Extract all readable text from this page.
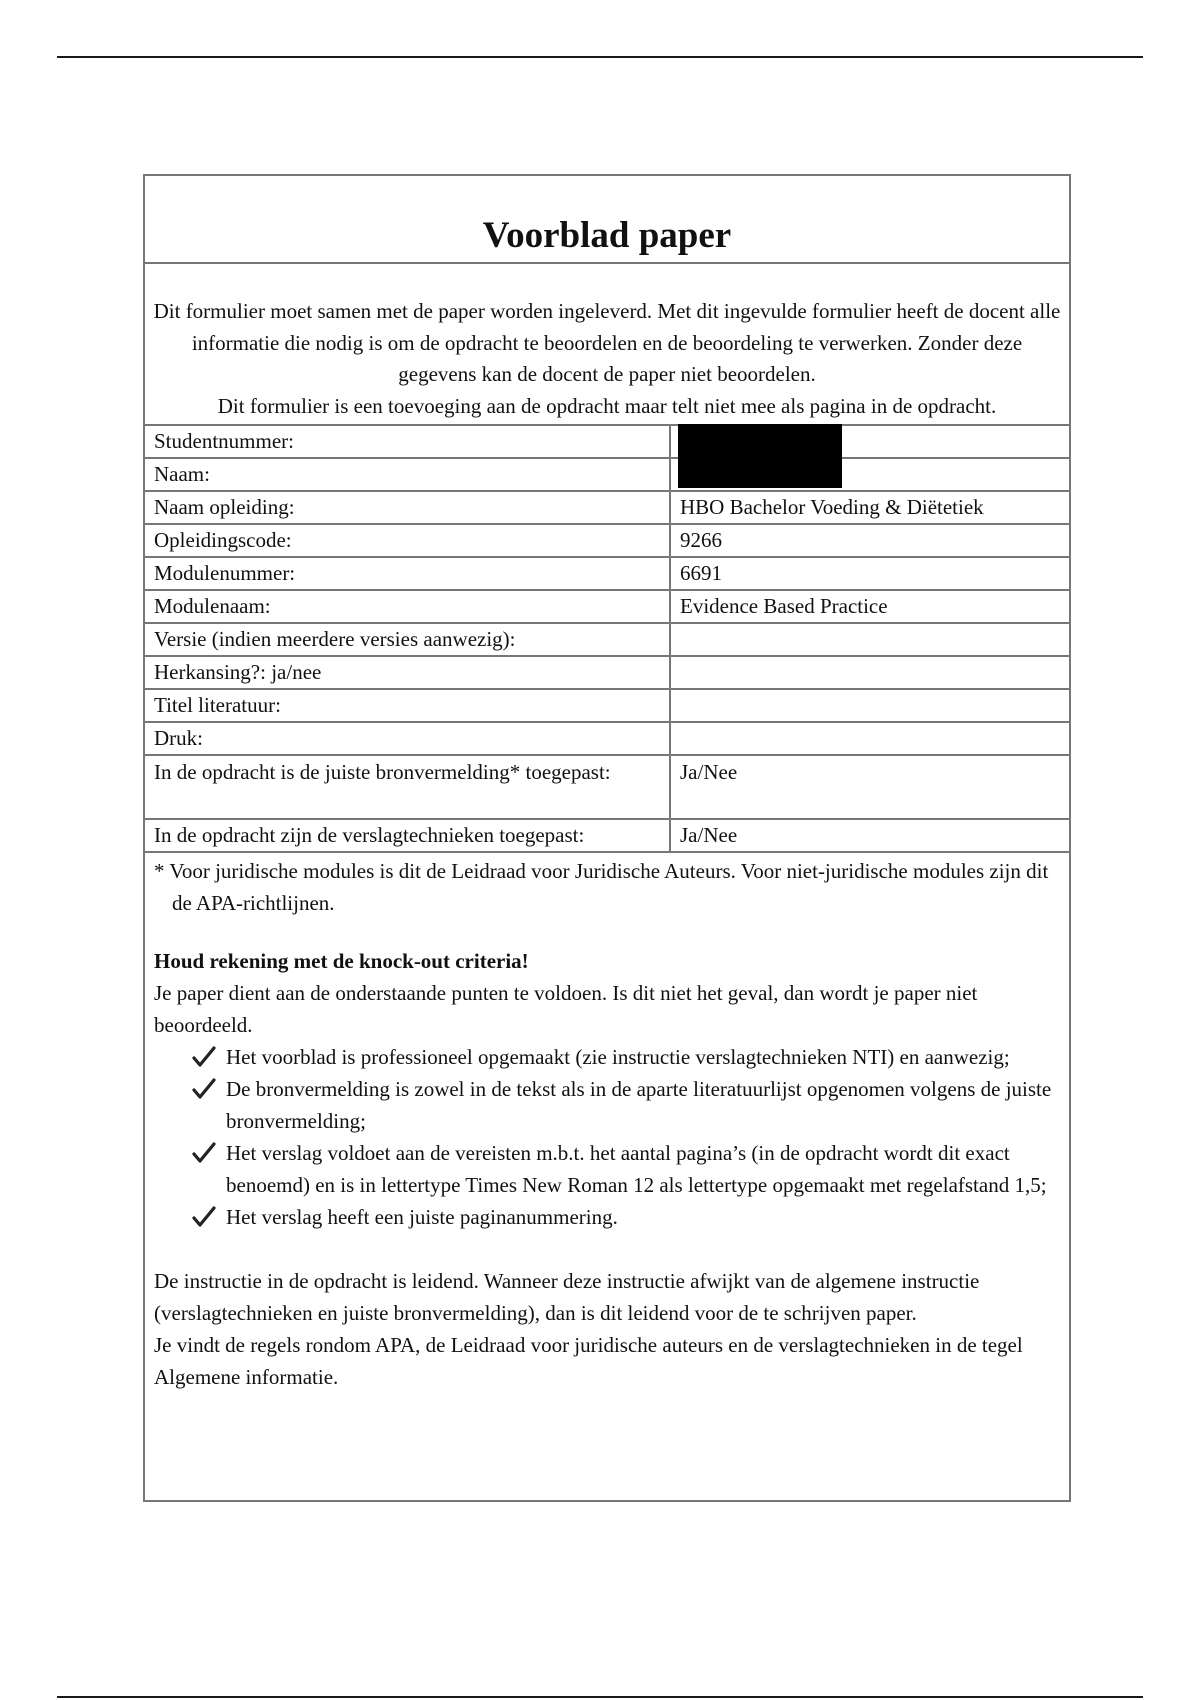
Voorblad paper

Dit formulier moet samen met de paper worden ingeleverd. Met dit ingevulde formulier heeft de docent alle informatie die nodig is om de opdracht te beoordelen en de beoordeling te verwerken. Zonder deze gegevens kan de docent de paper niet beoordelen.

Dit formulier is een toevoeging aan de opdracht maar telt niet mee als pagina in de opdracht.

Studentnummer:	
Naam:	
Naam opleiding:	HBO Bachelor Voeding & Diëtetiek
Opleidingscode:	9266
Modulenummer:	6691
Modulenaam:	Evidence Based Practice
Versie (indien meerdere versies aanwezig):	
Herkansing?: ja/nee	
Titel literatuur:	
Druk:	
In de opdracht is de juiste bronvermelding* toegepast:	Ja/Nee
In de opdracht zijn de verslagtechnieken toegepast:	Ja/Nee

* Voor juridische modules is dit de Leidraad voor Juridische Auteurs. Voor niet-juridische modules zijn dit de APA-richtlijnen.

Houd rekening met de knock-out criteria!

Je paper dient aan de onderstaande punten te voldoen. Is dit niet het geval, dan wordt je paper niet beoordeeld.

Het voorblad is professioneel opgemaakt (zie instructie verslagtechnieken NTI) en aanwezig;
De bronvermelding is zowel in de tekst als in de aparte literatuurlijst opgenomen volgens de juiste bronvermelding;
Het verslag voldoet aan de vereisten m.b.t. het aantal pagina’s (in de opdracht wordt dit exact benoemd) en is in lettertype Times New Roman 12 als lettertype opgemaakt met regelafstand 1,5;
Het verslag heeft een juiste paginanummering.

De instructie in de opdracht is leidend. Wanneer deze instructie afwijkt van de algemene instructie (verslagtechnieken en juiste bronvermelding), dan is dit leidend voor de te schrijven paper.

Je vindt de regels rondom APA, de Leidraad voor juridische auteurs en de verslagtechnieken in de tegel Algemene informatie.
